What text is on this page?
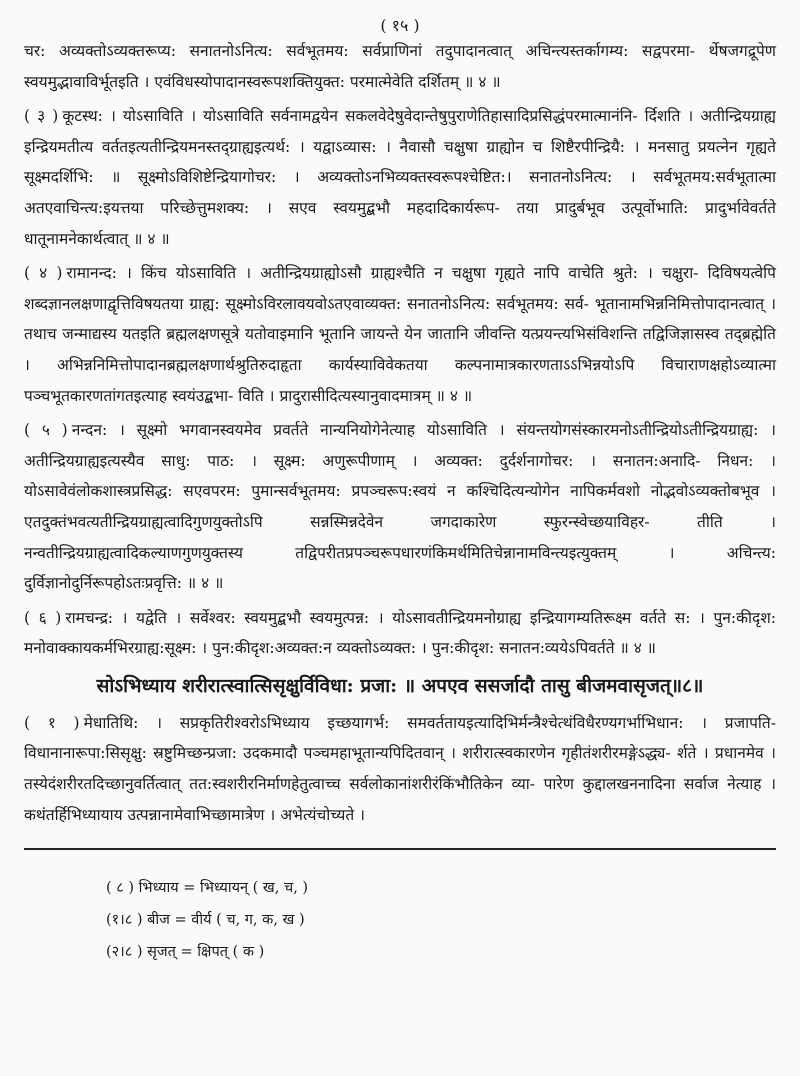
( १५ )

चर: अव्यक्तोऽव्यक्तरूप्य: सनातनोऽनित्य: सर्वभूतमय: सर्वप्राणिनां तदुपादानत्वात् अचिन्त्यस्तर्कागम्य: सद्वपरमा- र्थेषजगद्रूपेण स्वयमुद्भावाविर्भूतइति । एवंविधस्योपादानस्वरूपशक्तियुक्त: परमात्मेवेति दर्शितम् ॥ ४ ॥

( ३ ) कूटस्थ: । योऽसाविति । योऽसाविति सर्वनामद्वयेन सकलवेदेषुवेदान्तेषुपुराणेतिहासादिप्रसिद्धंपरमात्मानंनि- र्दिशति । अतीन्द्रियग्राह्य इन्द्रियमतीत्य वर्ततइत्यतीन्द्रियमनस्तद्ग्राह्यइत्यर्थ: । यद्वाऽव्यास: । नैवासौ चक्षुषा ग्राह्योन च शिष्टैरपीन्द्रियै: । मनसातु प्रयत्नेन गृह्यते सूक्ष्मदर्शिभि: ॥ सूक्ष्मोऽविशिष्टेन्द्रियागोचर: । अव्यक्तोऽनभिव्यक्तस्वरूपश्चेष्टित:। सनातनोऽनित्य: । सर्वभूतमय:सर्वभूतात्मा अतएवाचिन्त्य:इयत्तया परिच्छेत्तुमशक्य: । सएव स्वयमुद्बभौ महदादिकार्यरूप- तया प्रादुर्बभूव उत्पूर्वोभाति: प्रादुर्भावेवर्तते धातूनामनेकार्थत्वात् ॥ ४ ॥

( ४ ) रामानन्द: । किंच योऽसाविति । अतीन्द्रियग्राह्योऽसौ ग्राह्यश्चैति न चक्षुषा गृह्यते नापि वाचेति श्रुते: । चक्षुरा- दिविषयत्वेपि शब्दज्ञानलक्षणाद्वृत्तिविषयतया ग्राह्य: सूक्ष्मोऽविरलावयवोऽतएवाव्यक्त: सनातनोऽनित्य: सर्वभूतमय: सर्व- भूतानामभिन्ननिमित्तोपादानत्वात् । तथाच जन्माद्यस्य यतइति ब्रह्मलक्षणसूत्रे यतोवाइमानि भूतानि जायन्ते येन जातानि जीवन्ति यत्प्रयन्त्यभिसंविशन्ति तद्विजिज्ञासस्व तद्ब्रह्मेति । अभिन्ननिमित्तोपादानब्रह्मलक्षणार्थश्रुतिरुदाहृता कार्यस्याविवेकतया कल्पनामात्रकारणताऽऽभिन्नयोऽपि विचाराणक्षहोऽव्यात्मा पञ्चभूतकारणतांगतइत्याह स्वयंउद्बभा- विति । प्रादुरासीदित्यस्यानुवादमात्रम् ॥ ४ ॥

( ५ ) नन्दन: । सूक्ष्मो भगवानस्वयमेव प्रवर्तते नान्यनियोगेनेत्याह योऽसाविति । संयन्तयोगसंस्कारमनोऽतीन्द्रियोऽतीन्द्रियग्राह्य: । अतीन्द्रियग्राह्यइत्यस्यैव साधु: पाठ: । सूक्ष्म: अणुरूपीणाम् । अव्यक्त: दुर्दर्शनागोचर: । सनातन:अनादि- निधन: । योऽसावेवंलोकशास्त्रप्रसिद्ध: सएवपरम: पुमान्सर्वभूतमय: प्रपञ्चरूप:स्वयं न कश्चिदित्यन्योगेन नापिकर्मवशो नोद्भवोऽव्यक्तोबभूव । एतदुक्तंभवत्यतीन्द्रियग्राह्यत्वादिगुणयुक्तोऽपि सन्नस्मिन्नदेवेन जगदाकारेण स्फुरन्स्वेच्छयाविहर- तीति । नन्वतीन्द्रियग्राह्यत्वादिकल्याणगुणयुक्तस्य तद्विपरीतप्रपञ्चरूपधारणंकिमर्थमितिचेन्नानामविन्त्यइत्युक्तम् । अचिन्त्य: दुर्विज्ञानोदुर्निरूपहोऽतःप्रवृत्ति: ॥ ४ ॥

( ६ ) रामचन्द्र: । यद्वेति । सर्वेश्वर: स्वयमुद्बभौ स्वयमुत्पन्न: । योऽसावतीन्द्रियमनोग्राह्य इन्द्रियागम्यतिरूक्ष्म वर्तते स: । पुन:कीदृश: मनोवाक्कायकर्मभिरग्राह्य:सूक्ष्म: । पुन:कीदृश:अव्यक्त:न व्यक्तोऽव्यक्त: । पुन:कीदृश: सनातन:व्ययेऽपिवर्तते ॥ ४ ॥

सोऽभिध्याय शरीरात्स्वात्सिसृक्षुर्विविधा: प्रजा: ॥ अपएव ससर्जादौ तासु बीजमवासृजत्॥८॥

( १ ) मेधातिथि: । सप्रकृतिरीश्वरोऽभिध्याय इच्छयागर्भ: समवर्ततायइत्यादिभिर्मन्त्रैश्चेत्थंविधैरण्यगर्भाभिधान: । प्रजापति- विधानानारूपा:सिसृक्षु: स्रष्टुमिच्छन्प्रजा: उदकमादौ पञ्चमहाभूतान्यपिदितवान् । शरीरात्स्वकारणेन गृहीतंशरीरमङ्गेऽद्ध्य- र्शते । प्रधानमेव । तस्येदंशरीरतदिच्छानुवर्तित्वात् तत:स्वशरीरनिर्माणहेतुत्वाच्च सर्वलोकानांशरीरंकिंभौतिकेन व्या- पारेण कुद्दालखननादिना सर्वाज नेत्याह । कथंतर्हिभिध्यायाय उत्पन्नानामेवाभिच्छामात्रेण । अभेत्यंचोच्यते ।

( ८ ) भिध्याय = भिध्यायन् ( ख, च, )
(१।८ ) बीज = वीर्य ( च, ग, क, ख )
(२।८ ) सृजत् = क्षिपत् ( क )
